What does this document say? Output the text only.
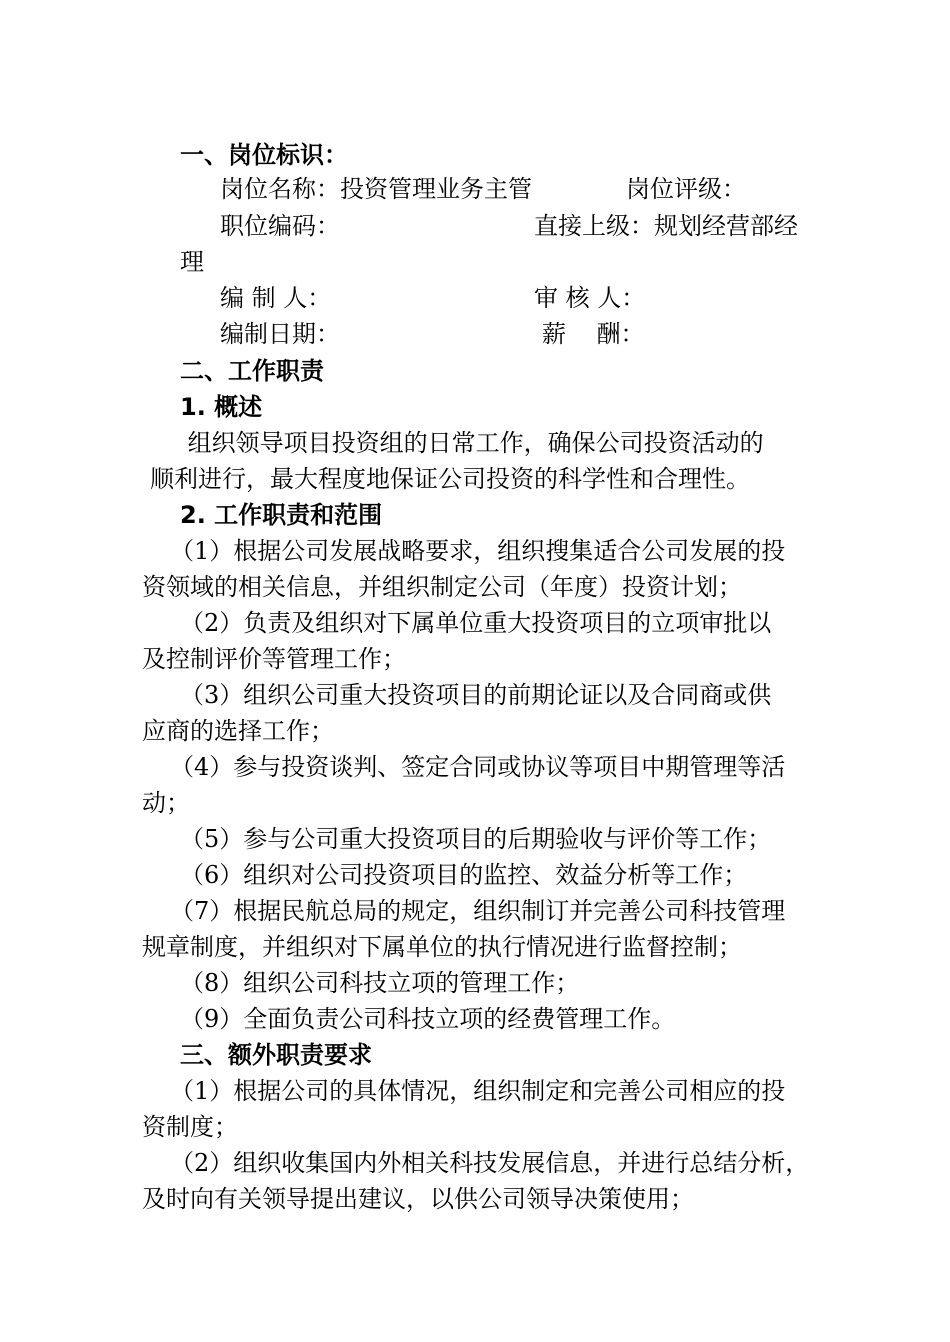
一、岗位标识：
岗位名称：投资管理业务主管	岗位评级：
职位编码：	直接上级：规划经营部经
理
编 制 人：	审 核 人：
编制日期：	薪    酬：
二、工作职责
1. 概述
组织领导项目投资组的日常工作，确保公司投资活动的
顺利进行，最大程度地保证公司投资的科学性和合理性。
2. 工作职责和范围
（1）根据公司发展战略要求，组织搜集适合公司发展的投
资领域的相关信息，并组织制定公司（年度）投资计划；
（2）负责及组织对下属单位重大投资项目的立项审批以
及控制评价等管理工作；
（3）组织公司重大投资项目的前期论证以及合同商或供
应商的选择工作；
（4）参与投资谈判、签定合同或协议等项目中期管理等活
动；
（5）参与公司重大投资项目的后期验收与评价等工作；
（6）组织对公司投资项目的监控、效益分析等工作；
（7）根据民航总局的规定，组织制订并完善公司科技管理
规章制度，并组织对下属单位的执行情况进行监督控制；
（8）组织公司科技立项的管理工作；
（9）全面负责公司科技立项的经费管理工作。
三、额外职责要求
（1）根据公司的具体情况，组织制定和完善公司相应的投
资制度；
（2）组织收集国内外相关科技发展信息，并进行总结分析，
及时向有关领导提出建议，以供公司领导决策使用；
